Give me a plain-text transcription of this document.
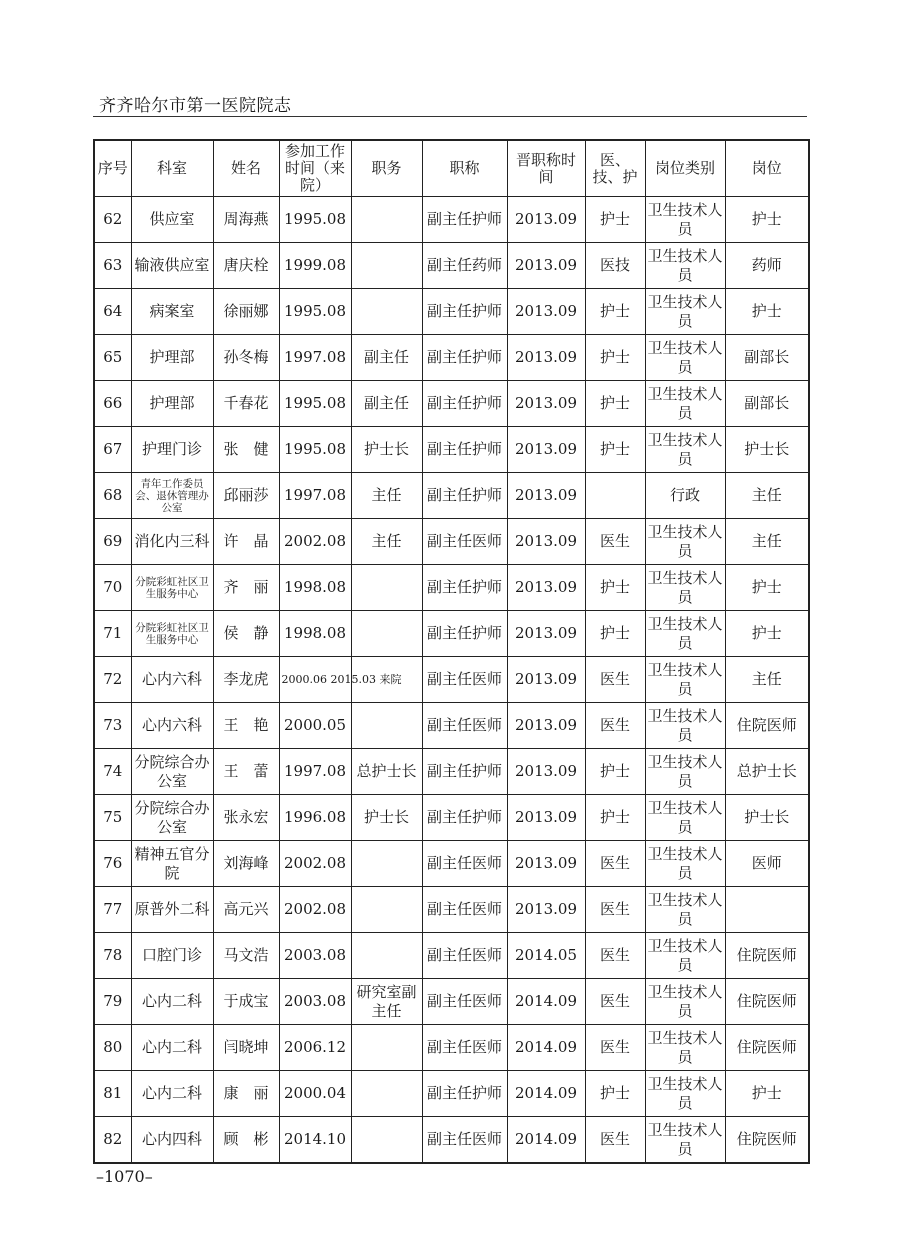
齐齐哈尔市第一医院院志
序号	科室	姓名	参加工作时间（来院）	职务	职称	晋职称时间	医、技、护	岗位类别	岗位
62	供应室	周海燕	1995.08		副主任护师	2013.09	护士	卫生技术人员	护士
63	输液供应室	唐庆栓	1999.08		副主任药师	2013.09	医技	卫生技术人员	药师
64	病案室	徐丽娜	1995.08		副主任护师	2013.09	护士	卫生技术人员	护士
65	护理部	孙冬梅	1997.08	副主任	副主任护师	2013.09	护士	卫生技术人员	副部长
66	护理部	千春花	1995.08	副主任	副主任护师	2013.09	护士	卫生技术人员	副部长
67	护理门诊	张　健	1995.08	护士长	副主任护师	2013.09	护士	卫生技术人员	护士长
68	青年工作委员会、退休管理办公室	邱丽莎	1997.08	主任	副主任护师	2013.09		行政	主任
69	消化内三科	许　晶	2002.08	主任	副主任医师	2013.09	医生	卫生技术人员	主任
70	分院彩虹社区卫生服务中心	齐　丽	1998.08		副主任护师	2013.09	护士	卫生技术人员	护士
71	分院彩虹社区卫生服务中心	侯　静	1998.08		副主任护师	2013.09	护士	卫生技术人员	护士
72	心内六科	李龙虎	2000.06 2015.03 来院		副主任医师	2013.09	医生	卫生技术人员	主任
73	心内六科	王　艳	2000.05		副主任医师	2013.09	医生	卫生技术人员	住院医师
74	分院综合办公室	王　蕾	1997.08	总护士长	副主任护师	2013.09	护士	卫生技术人员	总护士长
75	分院综合办公室	张永宏	1996.08	护士长	副主任护师	2013.09	护士	卫生技术人员	护士长
76	精神五官分院	刘海峰	2002.08		副主任医师	2013.09	医生	卫生技术人员	医师
77	原普外二科	高元兴	2002.08		副主任医师	2013.09	医生	卫生技术人员	
78	口腔门诊	马文浩	2003.08		副主任医师	2014.05	医生	卫生技术人员	住院医师
79	心内二科	于成宝	2003.08	研究室副主任	副主任医师	2014.09	医生	卫生技术人员	住院医师
80	心内二科	闫晓坤	2006.12		副主任医师	2014.09	医生	卫生技术人员	住院医师
81	心内二科	康　丽	2000.04		副主任护师	2014.09	护士	卫生技术人员	护士
82	心内四科	顾　彬	2014.10		副主任医师	2014.09	医生	卫生技术人员	住院医师
–1070–
